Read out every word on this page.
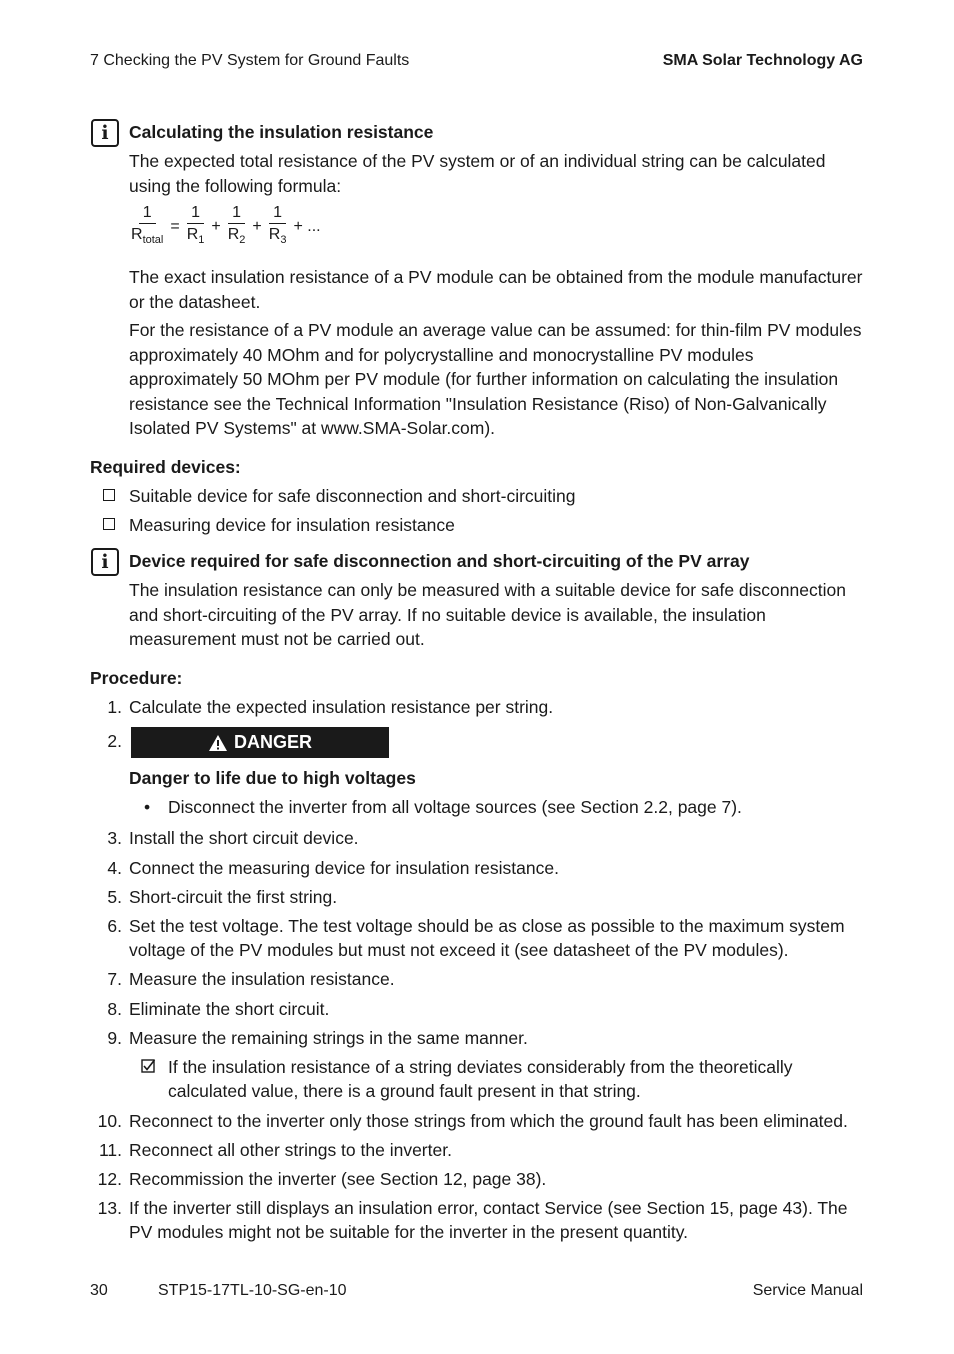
7 Checking the PV System for Ground Faults	SMA Solar Technology AG
i	Calculating the insulation resistance
The expected total resistance of the PV system or of an individual string can be calculated
using the following formula:
$\frac{1}{R_{total}} = \frac{1}{R_1} + \frac{1}{R_2} + \frac{1}{R_3}$ + ...
The exact insulation resistance of a PV module can be obtained from the module manufacturer
or the datasheet.
For the resistance of a PV module an average value can be assumed: for thin-film PV modules
approximately 40 MOhm and for polycrystalline and monocrystalline PV modules
approximately 50 MOhm per PV module (for further information on calculating the insulation
resistance see the Technical Information "Insulation Resistance (Riso) of Non-Galvanically
Isolated PV Systems" at www.SMA-Solar.com).
Required devices:
Suitable device for safe disconnection and short-circuiting
Measuring device for insulation resistance
i	Device required for safe disconnection and short-circuiting of the PV array
The insulation resistance can only be measured with a suitable device for safe disconnection
and short-circuiting of the PV array. If no suitable device is available, the insulation
measurement must not be carried out.
Procedure:
1. Calculate the expected insulation resistance per string.
2.	DANGER
Danger to life due to high voltages
• Disconnect the inverter from all voltage sources (see Section 2.2, page 7).
3. Install the short circuit device.
4. Connect the measuring device for insulation resistance.
5. Short-circuit the first string.
6. Set the test voltage. The test voltage should be as close as possible to the maximum system
voltage of the PV modules but must not exceed it (see datasheet of the PV modules).
7. Measure the insulation resistance.
8. Eliminate the short circuit.
9. Measure the remaining strings in the same manner.
If the insulation resistance of a string deviates considerably from the theoretically
calculated value, there is a ground fault present in that string.
10. Reconnect to the inverter only those strings from which the ground fault has been eliminated.
11. Reconnect all other strings to the inverter.
12. Recommission the inverter (see Section 12, page 38).
13. If the inverter still displays an insulation error, contact Service (see Section 15, page 43). The
PV modules might not be suitable for the inverter in the present quantity.
30	STP15-17TL-10-SG-en-10	Service Manual
